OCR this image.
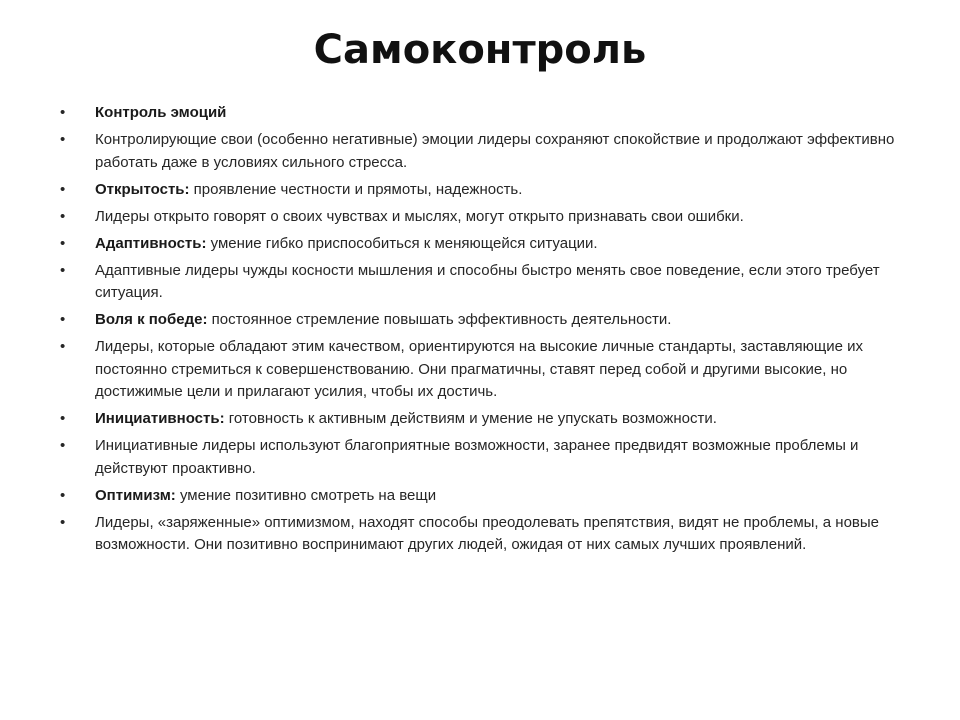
Самоконтроль
•	Контроль эмоций
•	Контролирующие свои (особенно негативные) эмоции лидеры сохраняют спокойствие и продолжают эффективно работать даже в условиях сильного стресса.
•	Открытость: проявление честности и прямоты, надежность.
•	Лидеры открыто говорят о своих чувствах и мыслях, могут открыто признавать свои ошибки.
•	Адаптивность: умение гибко приспособиться к меняющейся ситуации.
•	Адаптивные лидеры чужды косности мышления и способны быстро менять свое поведение, если этого требует ситуация.
•	Воля к победе: постоянное стремление повышать эффективность деятельности.
•	Лидеры, которые обладают этим качеством, ориентируются на высокие личные стандарты, заставляющие их постоянно стремиться к совершенствованию. Они прагматичны, ставят перед собой и другими высокие, но достижимые цели и прилагают усилия, чтобы их достичь.
•	Инициативность: готовность к активным действиям и умение не упускать возможности.
•	Инициативные лидеры используют благоприятные возможности, заранее предвидят возможные проблемы и действуют проактивно.
•	Оптимизм: умение позитивно смотреть на вещи
•	Лидеры, «заряженные» оптимизмом, находят способы преодолевать препятствия, видят не проблемы, а новые возможности. Они позитивно воспринимают других людей, ожидая от них самых лучших проявлений.
